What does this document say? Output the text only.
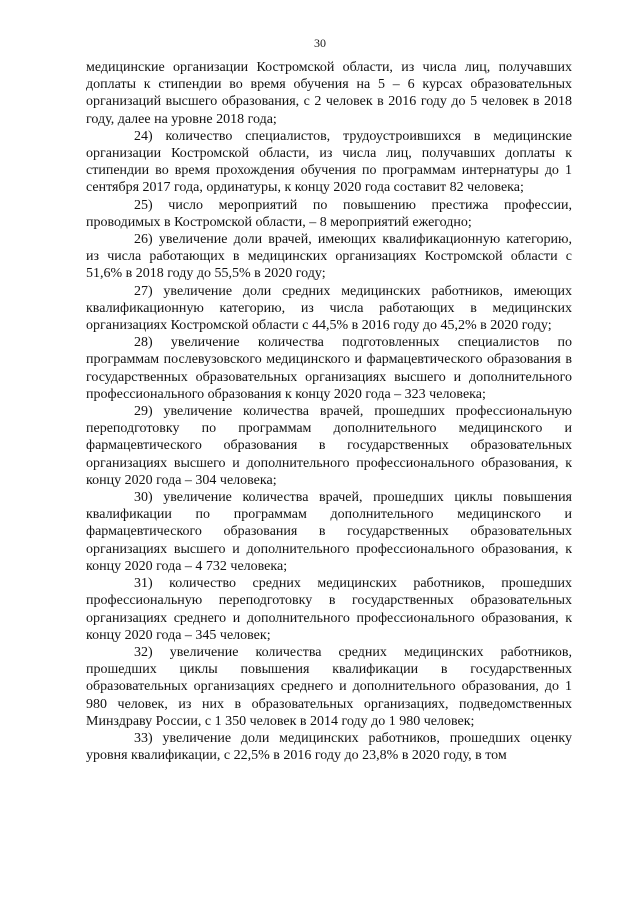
30

медицинские организации Костромской области, из числа лиц, получавших доплаты к стипендии во время обучения на 5 – 6 курсах образовательных организаций высшего образования, с 2 человек в 2016 году до 5 человек в 2018 году, далее на уровне 2018 года;

24) количество специалистов, трудоустроившихся в медицинские организации Костромской области, из числа лиц, получавших доплаты к стипендии во время прохождения обучения по программам интернатуры до 1 сентября 2017 года, ординатуры, к концу 2020 года составит 82 человека;

25) число мероприятий по повышению престижа профессии, проводимых в Костромской области, – 8 мероприятий ежегодно;

26) увеличение доли врачей, имеющих квалификационную категорию, из числа работающих в медицинских организациях Костромской области с 51,6% в 2018 году до 55,5% в 2020 году;

27) увеличение доли средних медицинских работников, имеющих квалификационную категорию, из числа работающих в медицинских организациях Костромской области с 44,5% в 2016 году до 45,2% в 2020 году;

28) увеличение количества подготовленных специалистов по программам послевузовского медицинского и фармацевтического образования в государственных образовательных организациях высшего и дополнительного профессионального образования к концу 2020 года – 323 человека;

29) увеличение количества врачей, прошедших профессиональную переподготовку по программам дополнительного медицинского и фармацевтического образования в государственных образовательных организациях высшего и дополнительного профессионального образования, к концу 2020 года – 304 человека;

30) увеличение количества врачей, прошедших циклы повышения квалификации по программам дополнительного медицинского и фармацевтического образования в государственных образовательных организациях высшего и дополнительного профессионального образования, к концу 2020 года – 4 732 человека;

31) количество средних медицинских работников, прошедших профессиональную переподготовку в государственных образовательных организациях среднего и дополнительного профессионального образования, к концу 2020 года – 345 человек;

32) увеличение количества средних медицинских работников, прошедших циклы повышения квалификации в государственных образовательных организациях среднего и дополнительного образования, до 1 980 человек, из них в образовательных организациях, подведомственных Минздраву России, с 1 350 человек в 2014 году до 1 980 человек;

33) увеличение доли медицинских работников, прошедших оценку уровня квалификации, с 22,5% в 2016 году до 23,8% в 2020 году, в том
